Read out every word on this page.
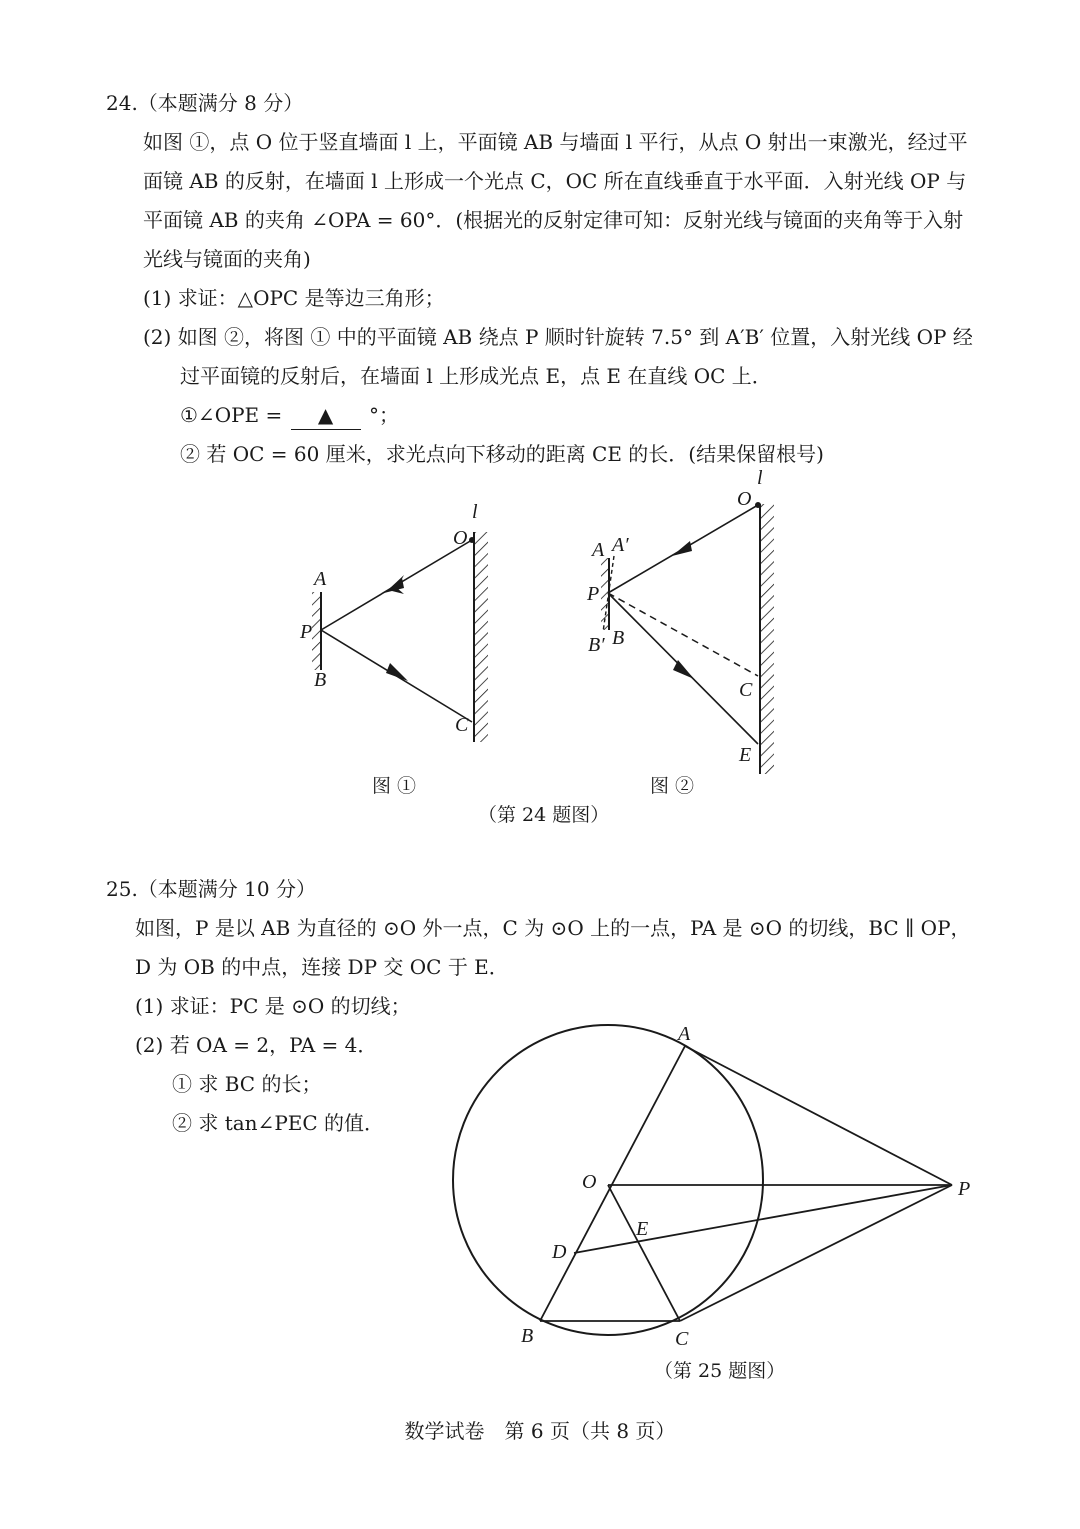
24.（本题满分 8 分）
如图 ①，点 O 位于竖直墙面 l 上，平面镜 AB 与墙面 l 平行，从点 O 射出一束激光，经过平
面镜 AB 的反射，在墙面 l 上形成一个光点 C，OC 所在直线垂直于水平面．入射光线 OP 与
平面镜 AB 的夹角 ∠OPA = 60°．(根据光的反射定律可知：反射光线与镜面的夹角等于入射
光线与镜面的夹角)
(1) 求证：△OPC 是等边三角形；
(2) 如图 ②，将图 ① 中的平面镜 AB 绕点 P 顺时针旋转 7.5° 到 A′B′ 位置，入射光线 OP 经
过平面镜的反射后，在墙面 l 上形成光点 E，点 E 在直线 OC 上．
①∠OPE = ▲ °；
② 若 OC = 60 厘米，求光点向下移动的距离 CE 的长．(结果保留根号)
l
O
A
P
B
C
l
O
A A′
P
B′ B
C
E
A
O	P
E
D
B	C
图 ①	图 ②
（第 24 题图）
25.（本题满分 10 分）
如图，P 是以 AB 为直径的 ⊙O 外一点，C 为 ⊙O 上的一点，PA 是 ⊙O 的切线，BC ∥ OP，
D 为 OB 的中点，连接 DP 交 OC 于 E．
(1) 求证：PC 是 ⊙O 的切线；
(2) 若 OA = 2，PA = 4．
① 求 BC 的长；
② 求 tan∠PEC 的值．
（第 25 题图）
数学试卷　第 6 页（共 8 页）
